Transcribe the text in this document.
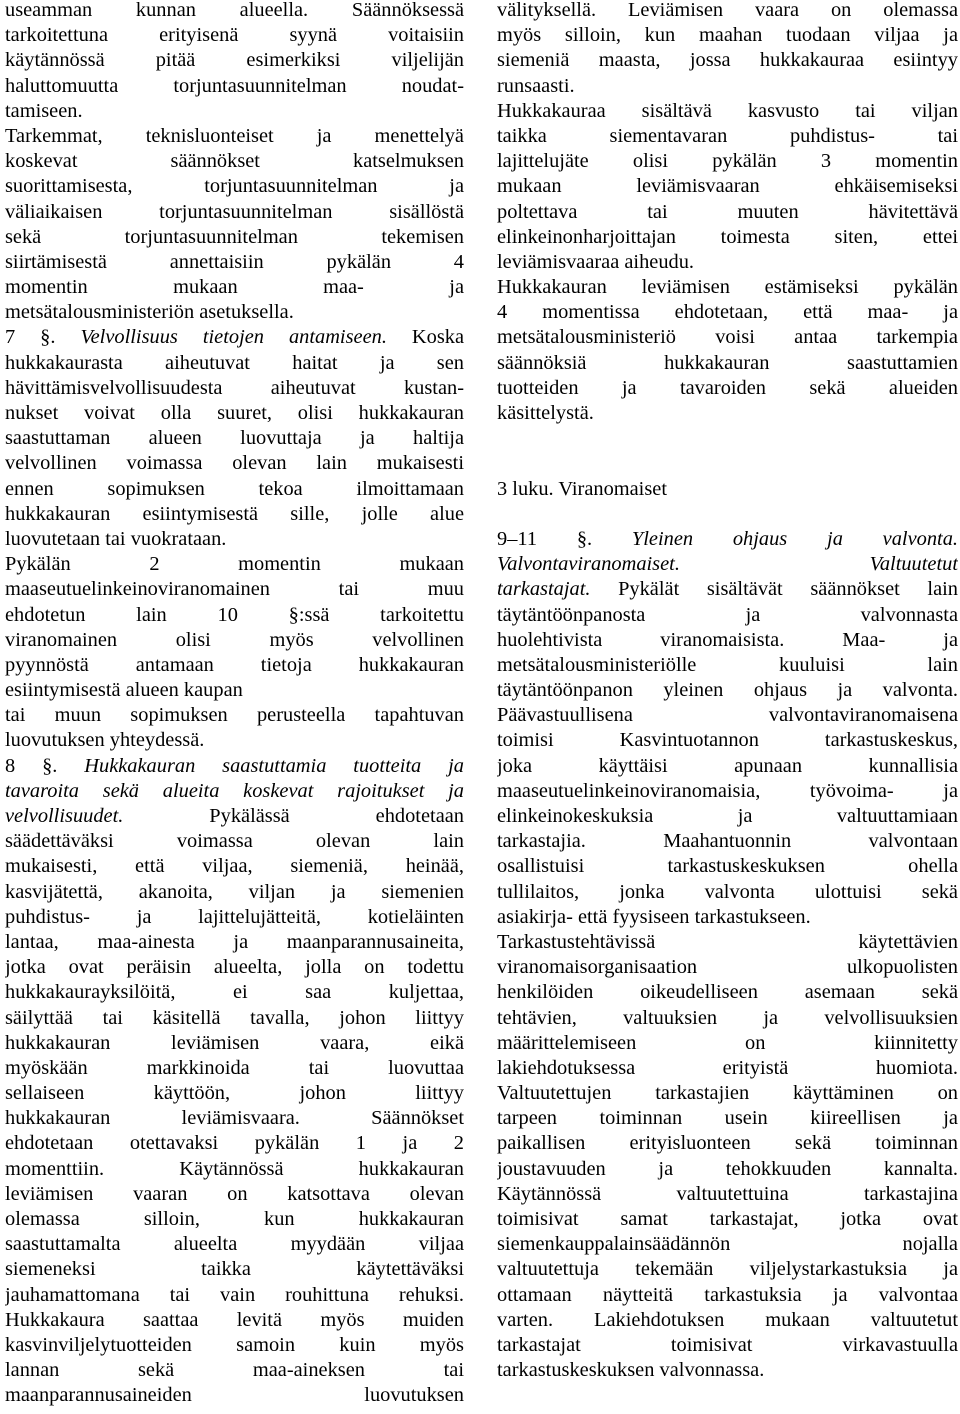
useamman kunnan alueella. Säännöksessä
tarkoitettuna erityisenä syynä voitaisiin
käytännössä pitää esimerkiksi viljelijän
haluttomuutta torjuntasuunnitelman noudat-
tamiseen.
Tarkemmat, teknisluonteiset ja menettelyä
koskevat säännökset katselmuksen
suorittamisesta, torjuntasuunnitelman ja
väliaikaisen torjuntasuunnitelman sisällöstä
sekä torjuntasuunnitelman tekemisen
siirtämisestä annettaisiin pykälän 4
momentin mukaan maa- ja
metsätalousministeriön asetuksella.
7 §. Velvollisuus tietojen antamiseen. Koska
hukkakaurasta aiheutuvat haitat ja sen
hävittämisvelvollisuudesta aiheutuvat kustan-
nukset voivat olla suuret, olisi hukkakauran
saastuttaman alueen luovuttaja ja haltija
velvollinen voimassa olevan lain mukaisesti
ennen sopimuksen tekoa ilmoittamaan
hukkakauran esiintymisestä sille, jolle alue
luovutetaan tai vuokrataan.
Pykälän 2 momentin mukaan
maaseutuelinkeinoviranomainen tai muu
ehdotetun lain 10 §:ssä tarkoitettu
viranomainen olisi myös velvollinen
pyynnöstä antamaan tietoja hukkakauran
esiintymisestä alueen kaupan
tai muun sopimuksen perusteella tapahtuvan
luovutuksen yhteydessä.
8 §. Hukkakauran saastuttamia tuotteita ja
tavaroita sekä alueita koskevat rajoitukset ja
velvollisuudet. Pykälässä ehdotetaan
säädettäväksi voimassa olevan lain
mukaisesti, että viljaa, siemeniä, heinää,
kasvijätettä, akanoita, viljan ja siemenien
puhdistus- ja lajittelujätteitä, kotieläinten
lantaa, maa-ainesta ja maanparannusaineita,
jotka ovat peräisin alueelta, jolla on todettu
hukkakaurayksilöitä, ei saa kuljettaa,
säilyttää tai käsitellä tavalla, johon liittyy
hukkakauran leviämisen vaara, eikä
myöskään markkinoida tai luovuttaa
sellaiseen käyttöön, johon liittyy
hukkakauran leviämisvaara. Säännökset
ehdotetaan otettavaksi pykälän 1 ja 2
momenttiin. Käytännössä hukkakauran
leviämisen vaaran on katsottava olevan
olemassa silloin, kun hukkakauran
saastuttamalta alueelta myydään viljaa
siemeneksi taikka käytettäväksi
jauhamattomana tai vain rouhittuna rehuksi.
Hukkakaura saattaa levitä myös muiden
kasvinviljelytuotteiden samoin kuin myös
lannan sekä maa-aineksen tai
maanparannusaineiden luovutuksen
välityksellä. Leviämisen vaara on olemassa
myös silloin, kun maahan tuodaan viljaa ja
siemeniä maasta, jossa hukkakauraa esiintyy
runsaasti.
Hukkakauraa sisältävä kasvusto tai viljan
taikka siementavaran puhdistus- tai
lajittelujäte olisi pykälän 3 momentin
mukaan leviämisvaaran ehkäisemiseksi
poltettava tai muuten hävitettävä
elinkeinonharjoittajan toimesta siten, ettei
leviämisvaaraa aiheudu.
Hukkakauran leviämisen estämiseksi pykälän
4 momentissa ehdotetaan, että maa- ja
metsätalousministeriö voisi antaa tarkempia
säännöksiä hukkakauran saastuttamien
tuotteiden ja tavaroiden sekä alueiden
käsittelystä.
3 luku. Viranomaiset
9–11 §. Yleinen ohjaus ja valvonta.
Valvontaviranomaiset. Valtuutetut
tarkastajat. Pykälät sisältävät säännökset lain
täytäntöönpanosta ja valvonnasta
huolehtivista viranomaisista. Maa- ja
metsätalousministeriölle kuuluisi lain
täytäntöönpanon yleinen ohjaus ja valvonta.
Päävastuullisena valvontaviranomaisena
toimisi Kasvintuotannon tarkastuskeskus,
joka käyttäisi apunaan kunnallisia
maaseutuelinkeinoviranomaisia, työvoima- ja
elinkeinokeskuksia ja valtuuttamiaan
tarkastajia. Maahantuonnin valvontaan
osallistuisi tarkastuskeskuksen ohella
tullilaitos, jonka valvonta ulottuisi sekä
asiakirja- että fyysiseen tarkastukseen.
Tarkastustehtävissä käytettävien
viranomaisorganisaation ulkopuolisten
henkilöiden oikeudelliseen asemaan sekä
tehtävien, valtuuksien ja velvollisuuksien
määrittelemiseen on kiinnitetty
lakiehdotuksessa erityistä huomiota.
Valtuutettujen tarkastajien käyttäminen on
tarpeen toiminnan usein kiireellisen ja
paikallisen erityisluonteen sekä toiminnan
joustavuuden ja tehokkuuden kannalta.
Käytännössä valtuutettuina tarkastajina
toimisivat samat tarkastajat, jotka ovat
siemenkauppalainsäädännön nojalla
valtuutettuja tekemään viljelystarkastuksia ja
ottamaan näytteitä tarkastuksia ja valvontaa
varten. Lakiehdotuksen mukaan valtuutetut
tarkastajat toimisivat virkavastuulla
tarkastuskeskuksen valvonnassa.
